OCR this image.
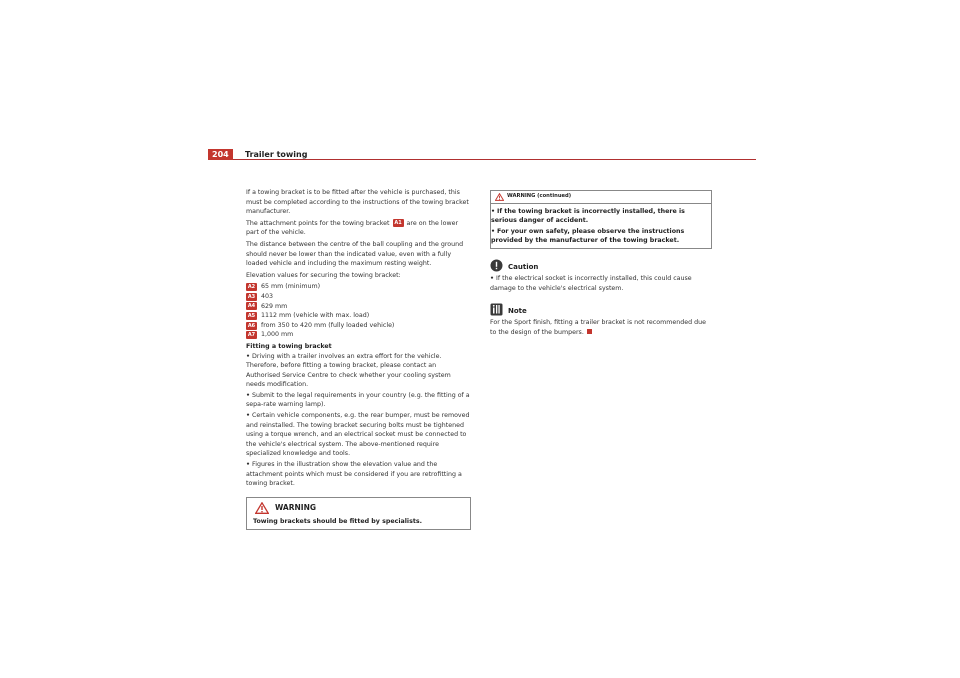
204	Trailer towing

If a towing bracket is to be fitted after the vehicle is purchased, this must be completed according to the instructions of the towing bracket manufacturer.

The attachment points for the towing bracket A1 are on the lower part of the vehicle.

The distance between the centre of the ball coupling and the ground should never be lower than the indicated value, even with a fully loaded vehicle and including the maximum resting weight.

Elevation values for securing the towing bracket:

A2 65 mm (minimum)
A3 403
A4 629 mm
A5 1112 mm (vehicle with max. load)
A6 from 350 to 420 mm (fully loaded vehicle)
A7 1,000 mm
Fitting a towing bracket

• Driving with a trailer involves an extra effort for the vehicle. Therefore, before fitting a towing bracket, please contact an Authorised Service Centre to check whether your cooling system needs modification.

• Submit to the legal requirements in your country (e.g. the fitting of a sepa-rate warning lamp).

• Certain vehicle components, e.g. the rear bumper, must be removed and reinstalled. The towing bracket securing bolts must be tightened using a torque wrench, and an electrical socket must be connected to the vehicle's electrical system. The above-mentioned require specialized knowledge and tools.

• Figures in the illustration show the elevation value and the attachment points which must be considered if you are retrofitting a towing bracket.

WARNING
Towing brackets should be fitted by specialists.
WARNING (continued)

• If the towing bracket is incorrectly installed, there is serious danger of accident.

• For your own safety, please observe the instructions provided by the manufacturer of the towing bracket.

Caution

• If the electrical socket is incorrectly installed, this could cause damage to the vehicle's electrical system.

Note

For the Sport finish, fitting a trailer bracket is not recommended due to the design of the bumpers.
